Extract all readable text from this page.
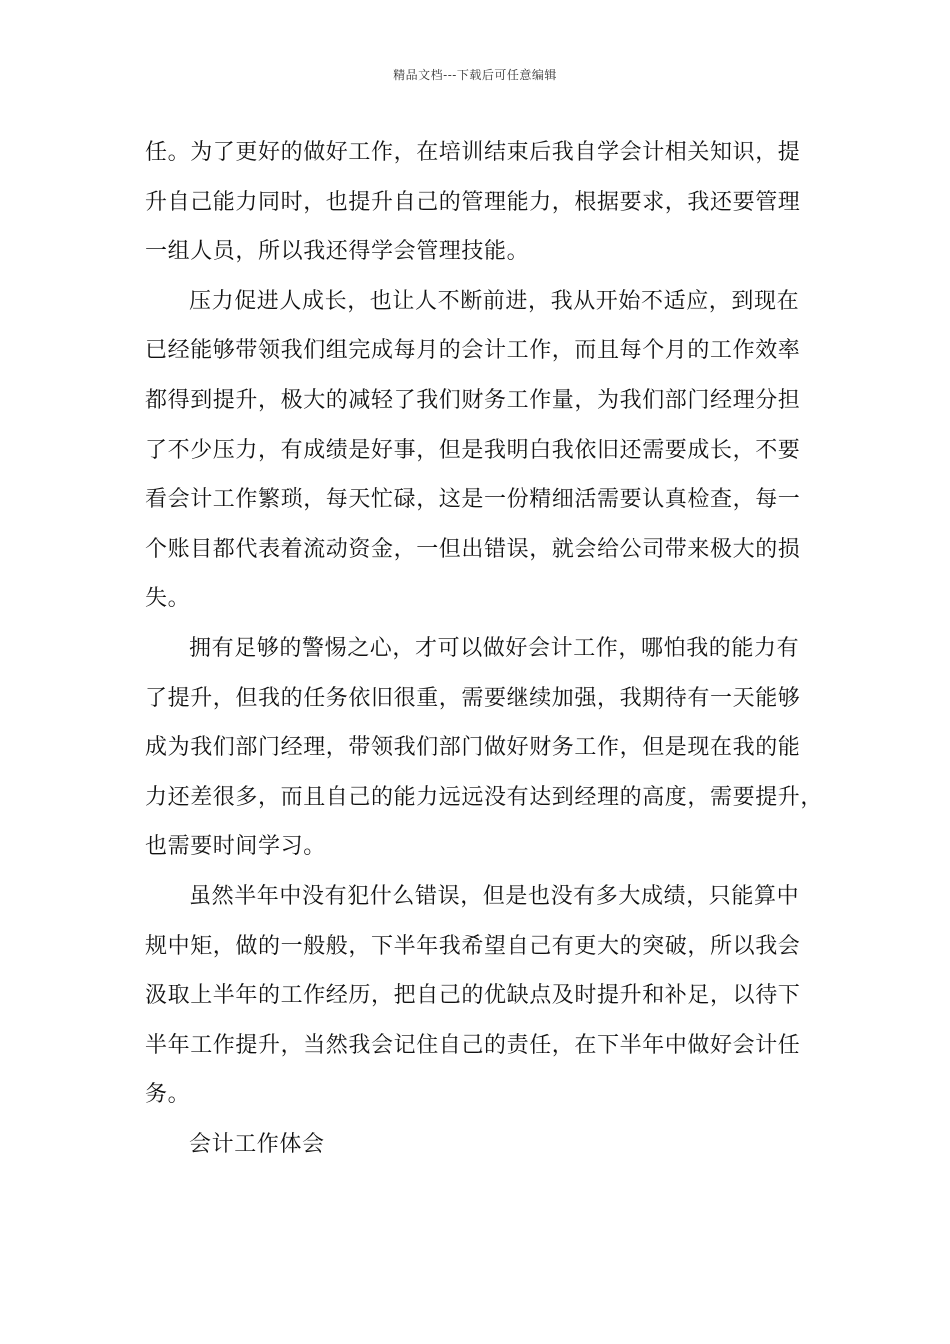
精品文档---下载后可任意编辑
任。为了更好的做好工作，在培训结束后我自学会计相关知识，提
升自己能力同时，也提升自己的管理能力，根据要求，我还要管理
一组人员，所以我还得学会管理技能。
压力促进人成长，也让人不断前进，我从开始不适应，到现在
已经能够带领我们组完成每月的会计工作，而且每个月的工作效率
都得到提升，极大的减轻了我们财务工作量，为我们部门经理分担
了不少压力，有成绩是好事，但是我明白我依旧还需要成长，不要
看会计工作繁琐，每天忙碌，这是一份精细活需要认真检查，每一
个账目都代表着流动资金，一但出错误，就会给公司带来极大的损
失。
拥有足够的警惕之心，才可以做好会计工作，哪怕我的能力有
了提升，但我的任务依旧很重，需要继续加强，我期待有一天能够
成为我们部门经理，带领我们部门做好财务工作，但是现在我的能
力还差很多，而且自己的能力远远没有达到经理的高度，需要提升，
也需要时间学习。
虽然半年中没有犯什么错误，但是也没有多大成绩，只能算中
规中矩，做的一般般，下半年我希望自己有更大的突破，所以我会
汲取上半年的工作经历，把自己的优缺点及时提升和补足，以待下
半年工作提升，当然我会记住自己的责任，在下半年中做好会计任
务。
会计工作体会
